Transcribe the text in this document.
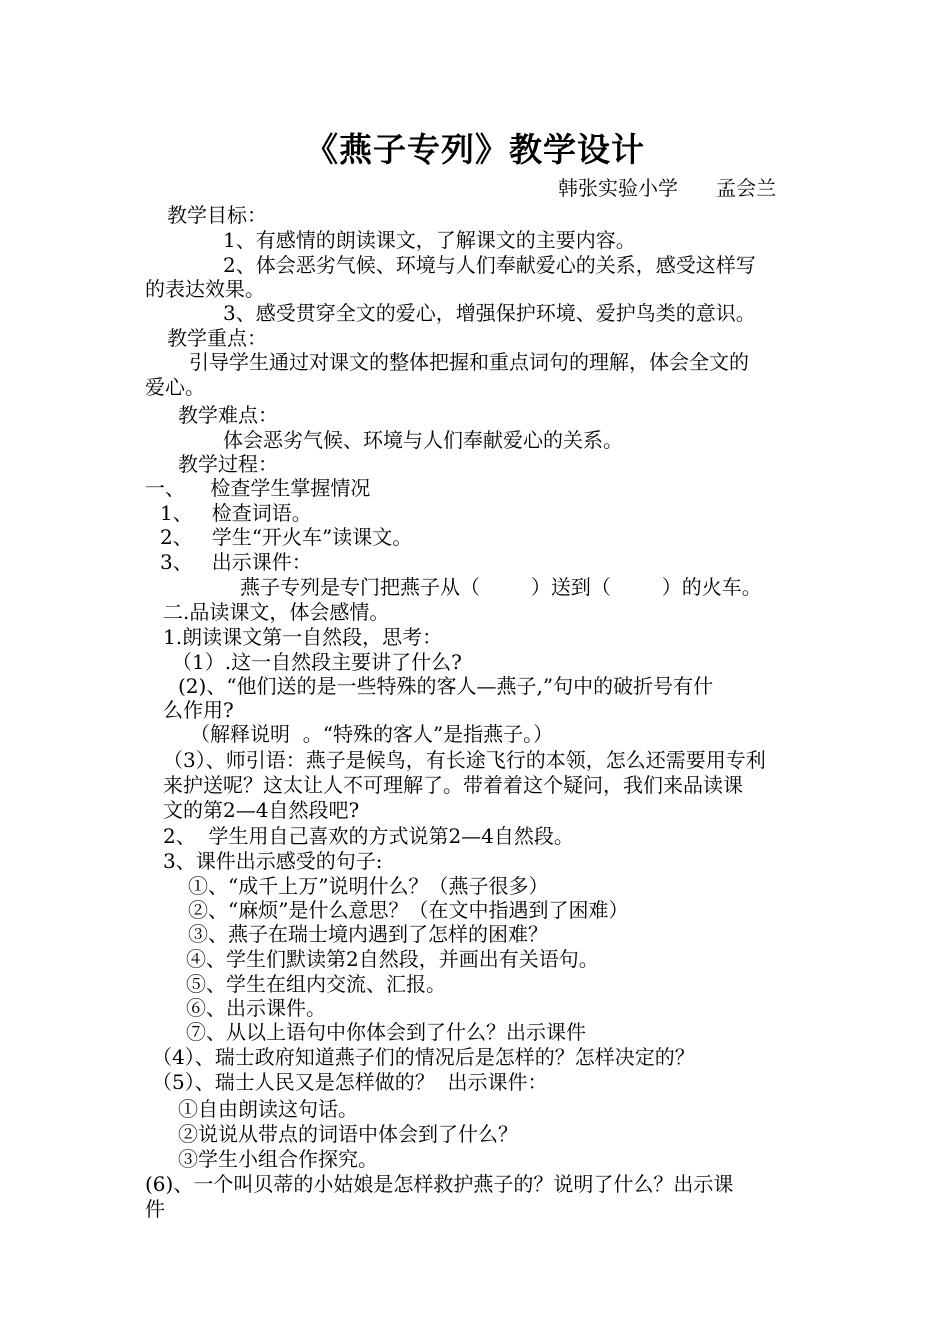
《燕子专列》教学设计
韩张实验小学      孟会兰

教学目标：

1、有感情的朗读课文，了解课文的主要内容。

2、体会恶劣气候、环境与人们奉献爱心的关系，感受这样写

的表达效果。

3、感受贯穿全文的爱心，增强保护环境、爱护鸟类的意识。

教学重点：

引导学生通过对课文的整体把握和重点词句的理解，体会全文的

爱心。

教学难点：

体会恶劣气候、环境与人们奉献爱心的关系。

教学过程：

一、    检查学生掌握情况

1、   检查词语。

2、   学生“开火车”读课文。

3、   出示课件：

燕子专列是专门把燕子从（        ）送到（        ）的火车。

二.品读课文，体会感情。

1.朗读课文第一自然段，思考：

（1）.这一自然段主要讲了什么?

(2)、“他们送的是一些特殊的客人—燕子,”句中的破折号有什

么作用?

（解释说明  。“特殊的客人”是指燕子。）

（3）、师引语：燕子是候鸟，有长途飞行的本领，怎么还需要用专利

来护送呢？这太让人不可理解了。带着着这个疑问，我们来品读课

文的第2—4自然段吧?

2、  学生用自己喜欢的方式说第2—4自然段。

3、课件出示感受的句子:

①、“成千上万”说明什么？（燕子很多）

②、“麻烦”是什么意思？（在文中指遇到了困难）

③、燕子在瑞士境内遇到了怎样的困难？

④、学生们默读第2自然段，并画出有关语句。

⑤、学生在组内交流、汇报。

⑥、出示课件。

⑦、从以上语句中你体会到了什么？出示课件

（4）、瑞士政府知道燕子们的情况后是怎样的？怎样决定的？

（5）、瑞士人民又是怎样做的？  出示课件：

①自由朗读这句话。

②说说从带点的词语中体会到了什么？

③学生小组合作探究。

(6)、一个叫贝蒂的小姑娘是怎样救护燕子的？说明了什么？出示课

件
